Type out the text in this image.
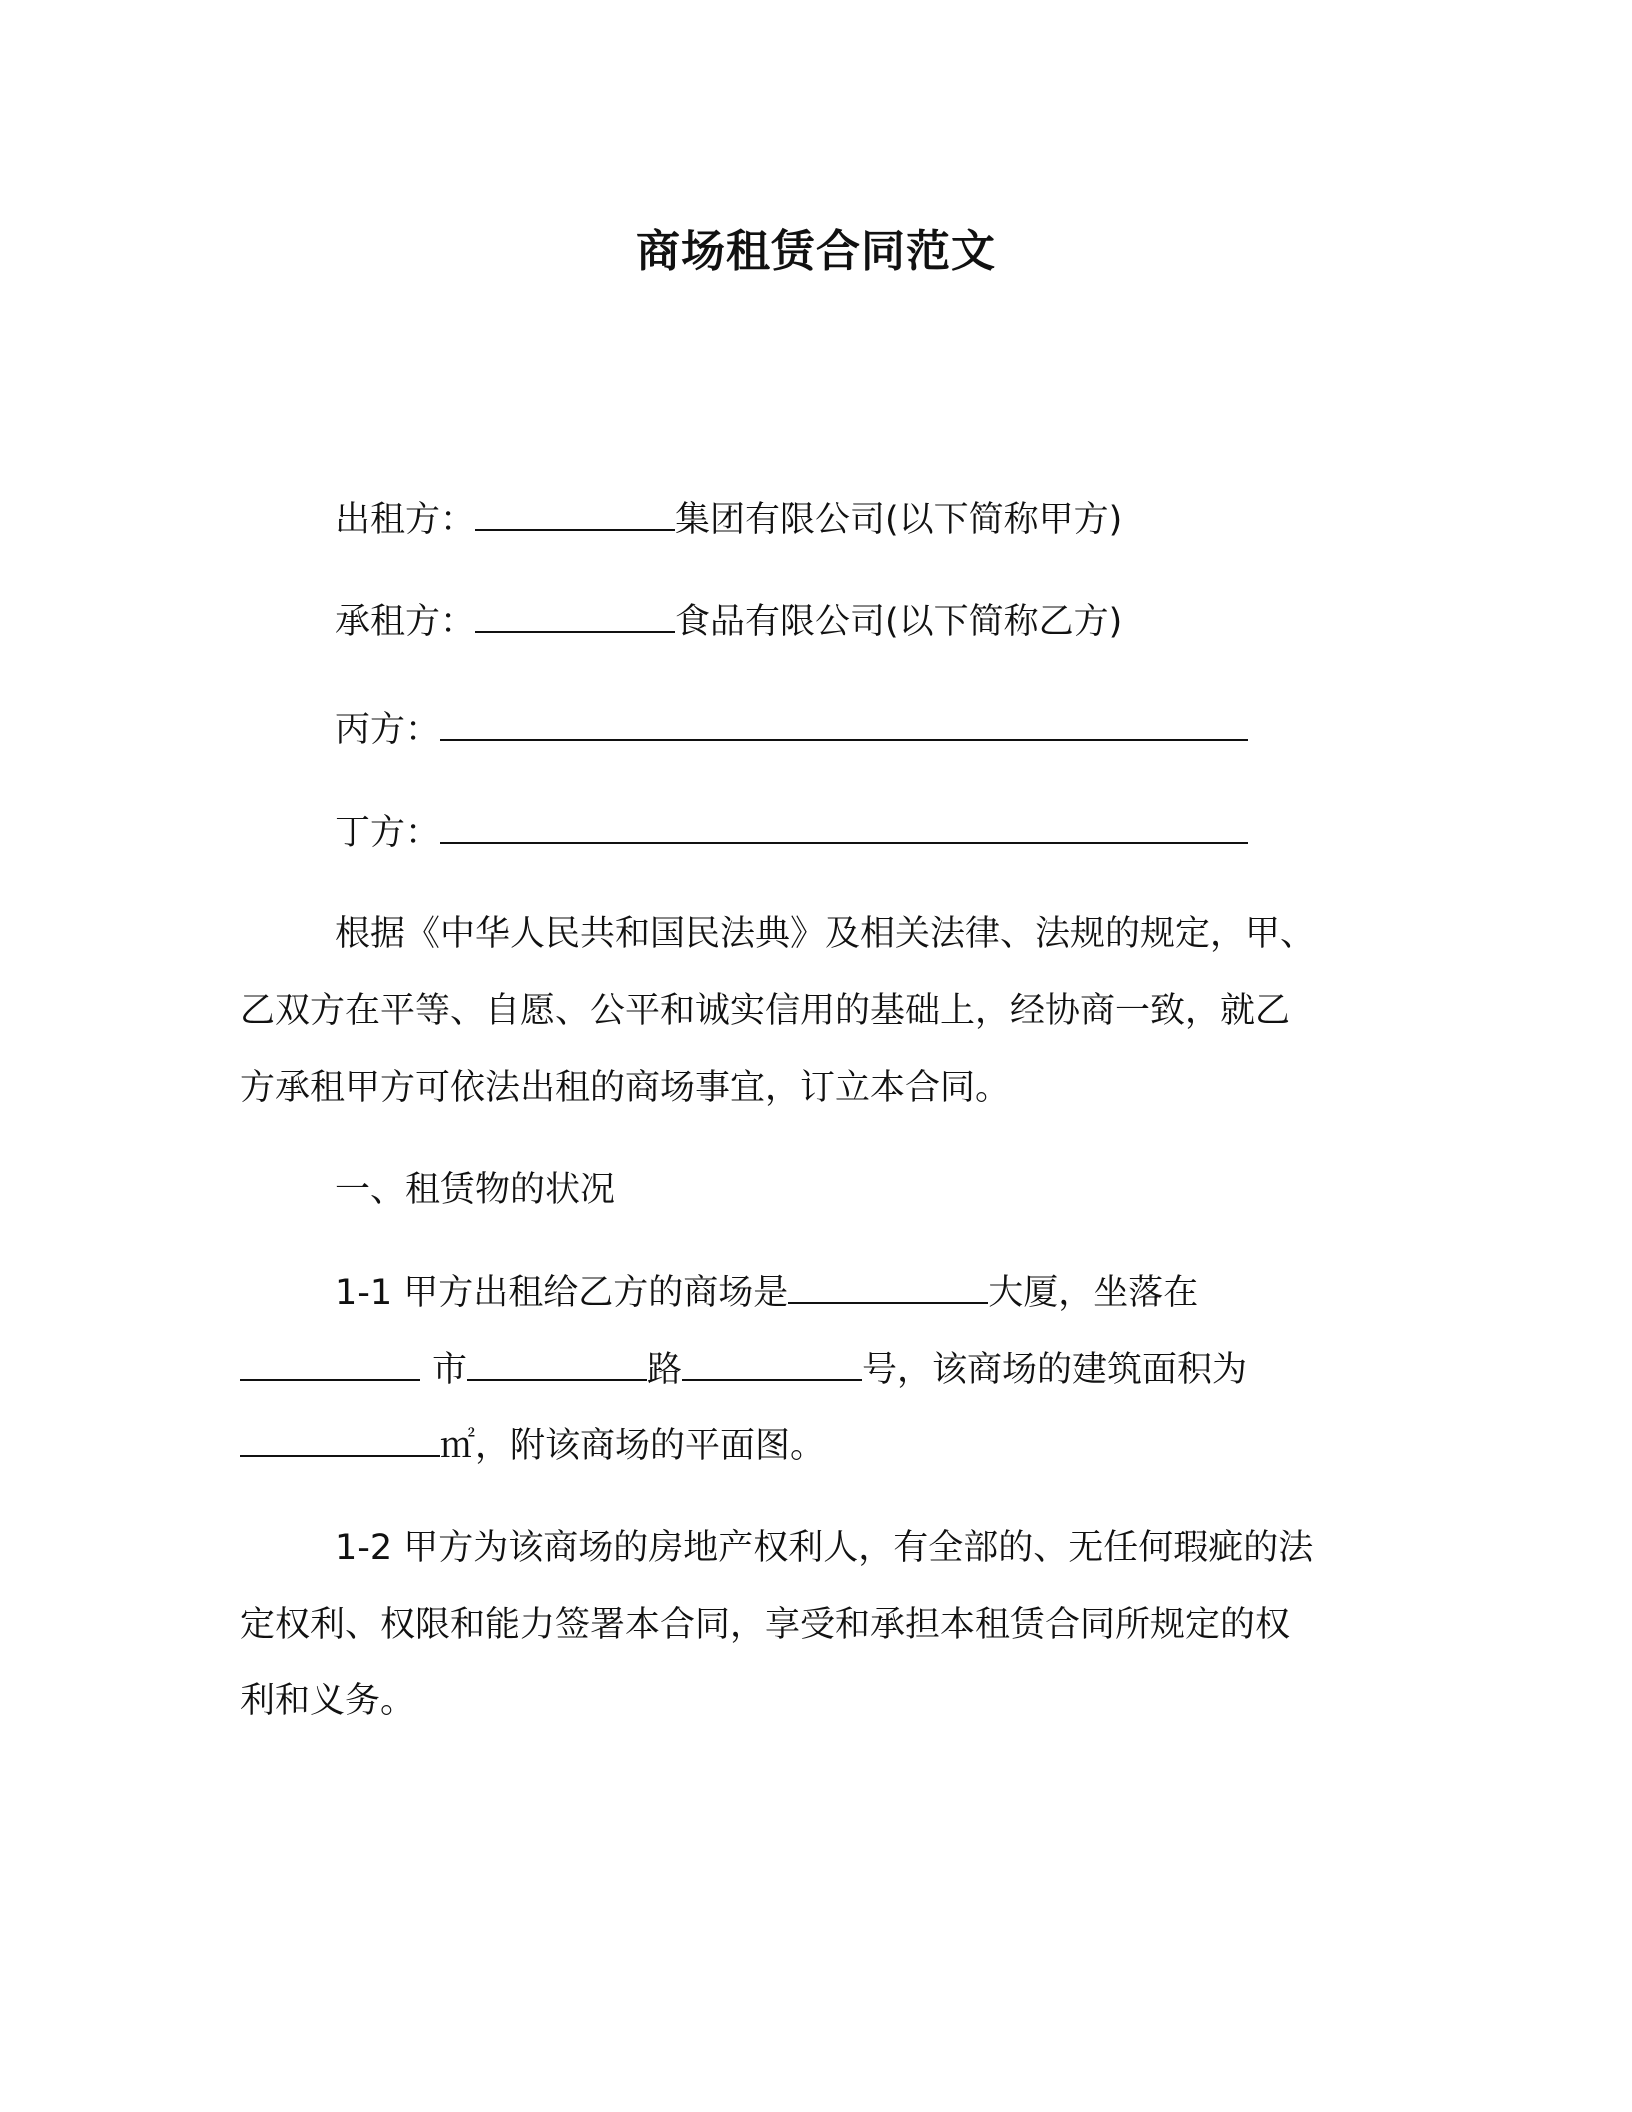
商场租赁合同范文
出租方：	集团有限公司(以下简称甲方)
承租方：	食品有限公司(以下简称乙方)
丙方：
丁方：
根据《中华人民共和国民法典》及相关法律、法规的规定，甲、
乙双方在平等、自愿、公平和诚实信用的基础上，经协商一致，就乙
方承租甲方可依法出租的商场事宜，订立本合同。
一、租赁物的状况
1-1 甲方出租给乙方的商场是	大厦，坐落在
市	路	号，该商场的建筑面积为
㎡，附该商场的平面图。
1-2 甲方为该商场的房地产权利人，有全部的、无任何瑕疵的法
定权利、权限和能力签署本合同，享受和承担本租赁合同所规定的权
利和义务。
